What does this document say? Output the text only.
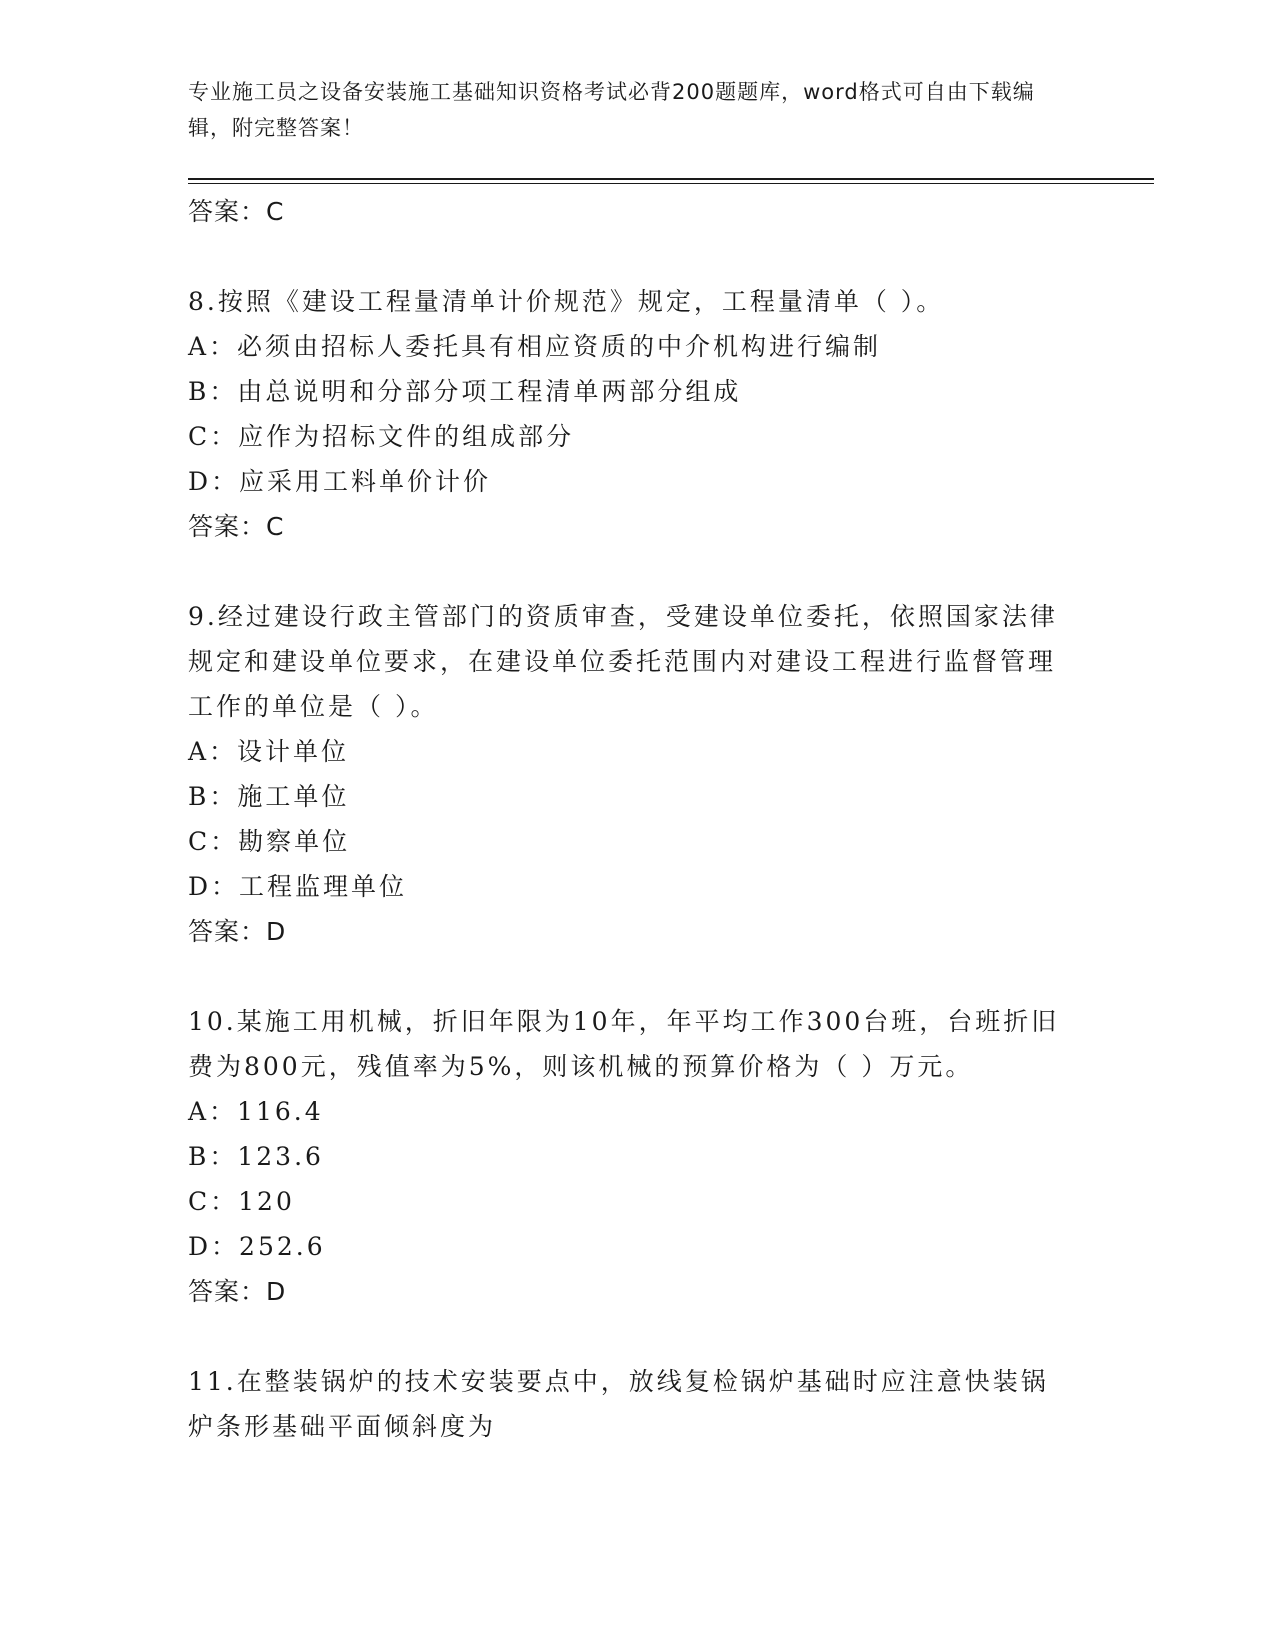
专业施工员之设备安装施工基础知识资格考试必背200题题库，word格式可自由下载编辑，附完整答案！
答案：C
8.按照《建设工程量清单计价规范》规定，工程量清单（ ）。
A：必须由招标人委托具有相应资质的中介机构进行编制
B：由总说明和分部分项工程清单两部分组成
C：应作为招标文件的组成部分
D：应采用工料单价计价
答案：C
9.经过建设行政主管部门的资质审查，受建设单位委托，依照国家法律规定和建设单位要求，在建设单位委托范围内对建设工程进行监督管理工作的单位是（ ）。
A：设计单位
B：施工单位
C：勘察单位
D：工程监理单位
答案：D
10.某施工用机械，折旧年限为10年，年平均工作300台班，台班折旧费为800元，残值率为5%，则该机械的预算价格为（ ）万元。
A：116.4
B：123.6
C：120
D：252.6
答案：D
11.在整装锅炉的技术安装要点中，放线复检锅炉基础时应注意快装锅炉条形基础平面倾斜度为
